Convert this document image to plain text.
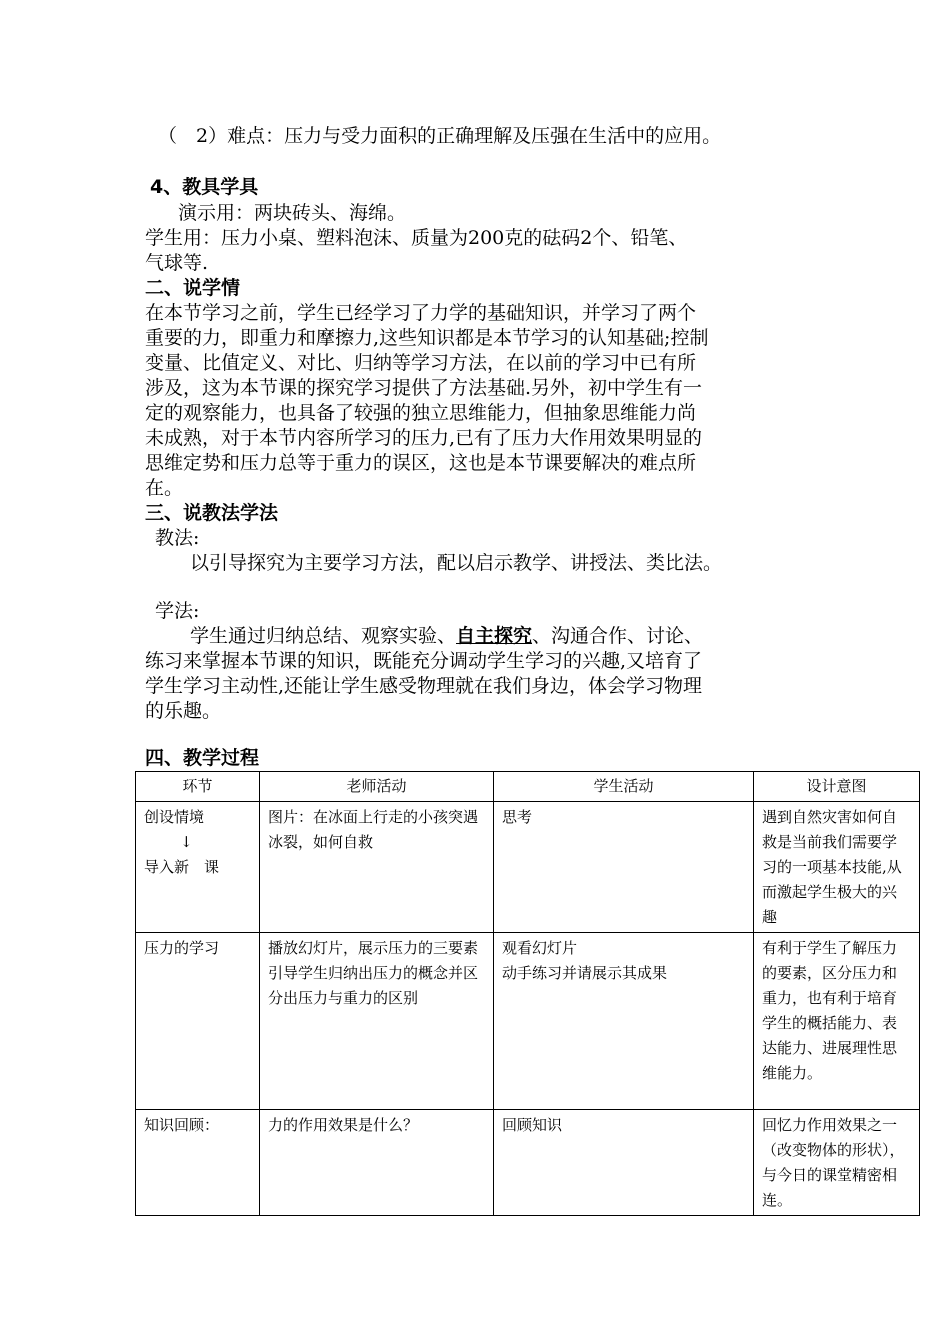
（　2）难点：压力与受力面积的正确理解及压强在生活中的应用。
4、教具学具
演示用：两块砖头、海绵。
学生用：压力小桌、塑料泡沫、质量为200克的砝码2个、铅笔、
气球等.
二、说学情
在本节学习之前，学生已经学习了力学的基础知识，并学习了两个
重要的力，即重力和摩擦力,这些知识都是本节学习的认知基础;控制
变量、比值定义、对比、归纳等学习方法，在以前的学习中已有所
涉及，这为本节课的探究学习提供了方法基础.另外，初中学生有一
定的观察能力，也具备了较强的独立思维能力，但抽象思维能力尚
未成熟，对于本节内容所学习的压力,已有了压力大作用效果明显的
思维定势和压力总等于重力的误区，这也是本节课要解决的难点所
在。
三、说教法学法
教法:
以引导探究为主要学习方法，配以启示教学、讲授法、类比法。
学法:
学生通过归纳总结、观察实验、自主探究、沟通合作、讨论、
练习来掌握本节课的知识，既能充分调动学生学习的兴趣,又培育了
学生学习主动性,还能让学生感受物理就在我们身边，体会学习物理
的乐趣。
四、教学过程
环节	老师活动	学生活动	设计意图

创设情境
↓
导入新　课	图片：在冰面上行走的小孩突遇冰裂，如何自救	思考	遇到自然灾害如何自救是当前我们需要学习的一项基本技能,从而激起学生极大的兴趣

压力的学习	播放幻灯片，展示压力的三要素
引导学生归纳出压力的概念并区分出压力与重力的区别	观看幻灯片
动手练习并请展示其成果	有利于学生了解压力的要素，区分压力和重力，也有利于培育学生的概括能力、表达能力、进展理性思维能力。

知识回顾：	力的作用效果是什么？	回顾知识	回忆力作用效果之一（改变物体的形状），与今日的课堂精密相连。
